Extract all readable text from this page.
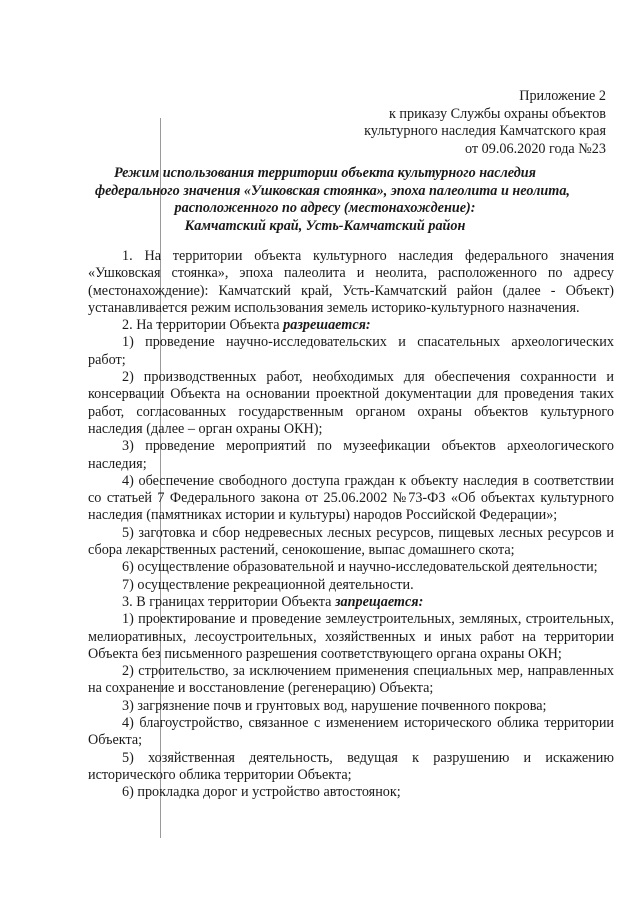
Приложение 2
к приказу Службы охраны объектов
культурного наследия Камчатского края
от 09.06.2020 года №23
Режим использования территории объекта культурного наследия
федерального значения «Ушковская стоянка», эпоха палеолита и неолита,
расположенного по адресу (местонахождение):
Камчатский край, Усть-Камчатский район

1. На территории объекта культурного наследия федерального значения «Ушковская стоянка», эпоха палеолита и неолита, расположенного по адресу (местонахождение): Камчатский край, Усть-Камчатский район (далее - Объект) устанавливается режим использования земель историко-культурного назначения.

2. На территории Объекта разрешается:

1) проведение научно-исследовательских и спасательных археологических работ;

2) производственных работ, необходимых для обеспечения сохранности и консервации Объекта на основании проектной документации для проведения таких работ, согласованных государственным органом охраны объектов культурного наследия (далее – орган охраны ОКН);

3) проведение мероприятий по музеефикации объектов археологического наследия;

4) обеспечение свободного доступа граждан к объекту наследия в соответствии со статьей 7 Федерального закона от 25.06.2002 №73-ФЗ «Об объектах культурного наследия (памятниках истории и культуры) народов Российской Федерации»;

5) заготовка и сбор недревесных лесных ресурсов, пищевых лесных ресурсов и сбора лекарственных растений, сенокошение, выпас домашнего скота;

6) осуществление образовательной и научно-исследовательской деятельности;

7) осуществление рекреационной деятельности.

3. В границах территории Объекта запрещается:

1) проектирование и проведение землеустроительных, земляных, строительных, мелиоративных, лесоустроительных, хозяйственных и иных работ на территории Объекта без письменного разрешения соответствующего органа охраны ОКН;

2) строительство, за исключением применения специальных мер, направленных на сохранение и восстановление (регенерацию) Объекта;

3) загрязнение почв и грунтовых вод, нарушение почвенного покрова;

4) благоустройство, связанное с изменением исторического облика территории Объекта;

5) хозяйственная деятельность, ведущая к разрушению и искажению исторического облика территории Объекта;

6) прокладка дорог и устройство автостоянок;
